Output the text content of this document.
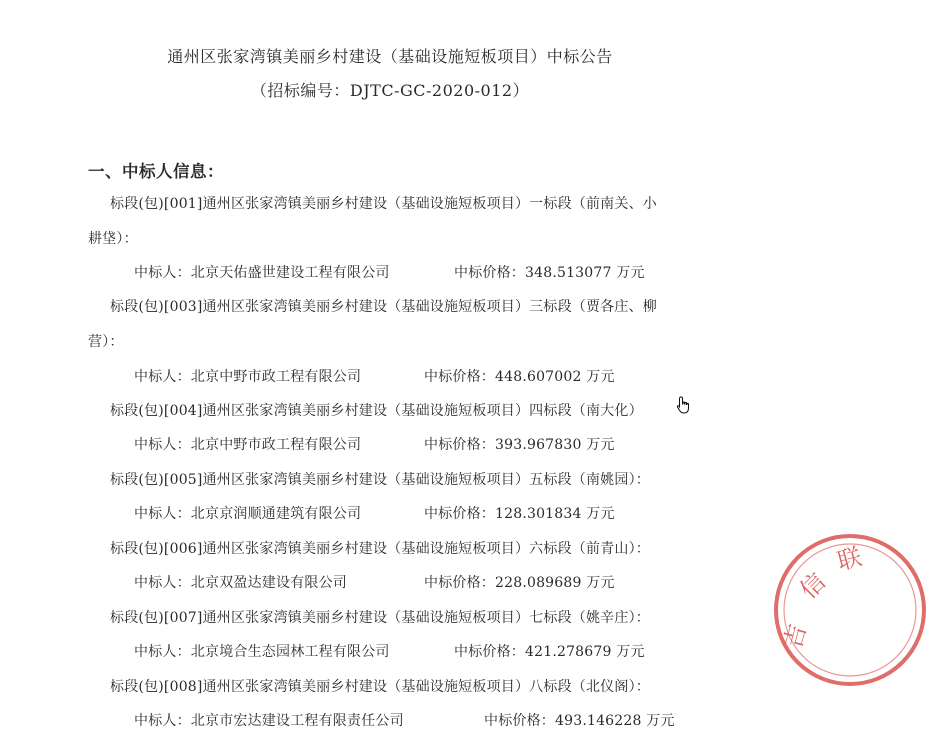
通州区张家湾镇美丽乡村建设（基础设施短板项目）中标公告
（招标编号：DJTC-GC-2020-012）
一、中标人信息：
标段(包)[001]通州区张家湾镇美丽乡村建设（基础设施短板项目）一标段（前南关、小
耕垡）：
中标人：北京天佑盛世建设工程有限公司	中标价格：348.513077 万元
标段(包)[003]通州区张家湾镇美丽乡村建设（基础设施短板项目）三标段（贾各庄、柳
营）：
中标人：北京中野市政工程有限公司	中标价格：448.607002 万元
标段(包)[004]通州区张家湾镇美丽乡村建设（基础设施短板项目）四标段（南大化）
中标人：北京中野市政工程有限公司	中标价格：393.967830 万元
标段(包)[005]通州区张家湾镇美丽乡村建设（基础设施短板项目）五标段（南姚园）：
中标人：北京京润顺通建筑有限公司	中标价格：128.301834 万元
标段(包)[006]通州区张家湾镇美丽乡村建设（基础设施短板项目）六标段（前青山）：
中标人：北京双盈达建设有限公司	中标价格：228.089689 万元
标段(包)[007]通州区张家湾镇美丽乡村建设（基础设施短板项目）七标段（姚辛庄）：
中标人：北京境合生态园林工程有限公司	中标价格：421.278679 万元
标段(包)[008]通州区张家湾镇美丽乡村建设（基础设施短板项目）八标段（北仪阁）：
中标人：北京市宏达建设工程有限责任公司	中标价格：493.146228 万元
吉
信
联
